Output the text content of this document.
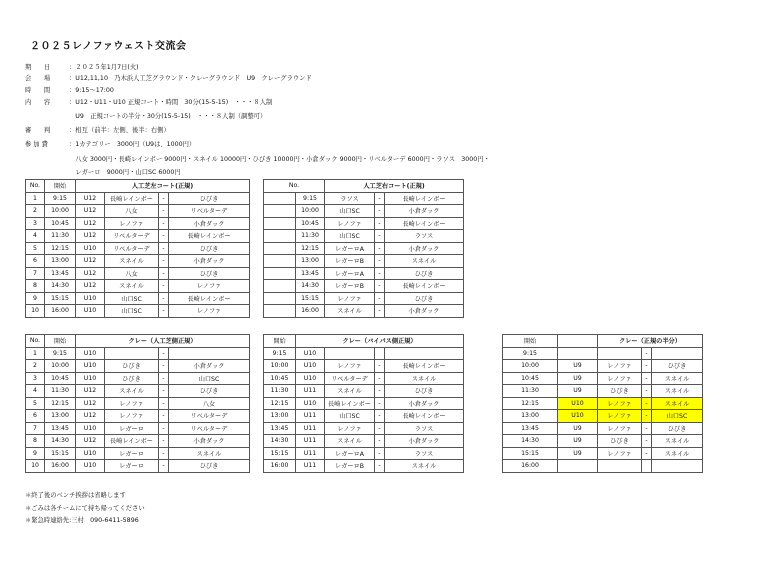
２０２５レノファウェスト交流会
期　　日	：２０２５年1月7日(火)
会　　場	：U12,11,10　乃木浜人工芝グラウンド・クレーグラウンド　U9　クレーグラウンド
時　　間	：9:15～17:00
内　　容	：U12・U11・U10 正規コート・時間　30分(15-5-15)　・・・８人制
　U9　正規コートの半分・30分(15-5-15)　・・・８人制（調整可）
審　　判	：相互（前半：左側、後半：右側）
参 加 費	：1カテゴリー　3000円（U9は、1000円）
　八女 3000円・長崎レインボー 9000円・スネイル 10000円・ひびき 10000円・小倉ダック 9000円・リベルターデ 6000円・ラソス　3000円・
　レガーロ　9000円・山口SC 6000円
No.	開始	人工芝左コート(正規)			
1	9:15	U12	長崎レインボー	-	ひびき
2	10:00	U12	八女	-	リベルターデ
3	10:45	U12	レノファ	-	小倉ダック
4	11:30	U12	リベルターデ	-	長崎レインボー
5	12:15	U10	リベルターデ	-	ひびき
6	13:00	U12	スネイル	-	小倉ダック
7	13:45	U12	八女	-	ひびき
8	14:30	U12	スネイル	-	レノファ
9	15:15	U10	山口SC	-	長崎レインボー
10	16:00	U10	山口SC	-	レノファ
No.		人工芝右コート(正規)		
	9:15		ラソス	-	長崎レインボー
	10:00		山口SC	-	小倉ダック
	10:45		レノファ	-	長崎レインボー
	11:30		山口SC	-	ラソス
	12:15		レガーロA	-	小倉ダック
	13:00		レガーロB	-	スネイル
	13:45		レガーロA	-	ひびき
	14:30		レガーロB	-	長崎レインボー
	15:15		レノファ	-	ひびき
	16:00		スネイル	-	小倉ダック
No.	開始	クレー（人工芝側正規）			
1	9:15	U10		-	
2	10:00	U10	ひびき	-	小倉ダック
3	10:45	U10	ひびき	-	山口SC
4	11:30	U12	スネイル	-	ひびき
5	12:15	U12	レノファ	-	八女
6	13:00	U12	レノファ	-	リベルターデ
7	13:45	U10	レガーロ	-	リベルターデ
8	14:30	U12	長崎レインボー	-	小倉ダック
9	15:15	U10	レガーロ	-	スネイル
10	16:00	U10	レガーロ	-	ひびき
開始	クレー（バイパス側正規）			
9:15	U10			
10:00	U10	レノファ	-	長崎レインボー
10:45	U10	リベルターデ	-	スネイル
11:30	U11	スネイル	-	ひびき
12:15	U10	長崎レインボー	-	小倉ダック
13:00	U11	山口SC	-	長崎レインボー
13:45	U11	レノファ	-	ラソス
14:30	U11	スネイル	-	小倉ダック
15:15	U11	レガーロA	-	ラソス
16:00	U11	レガーロB	-	スネイル
開始		クレー（正規の半分）		
9:15			-	
10:00	U9	レノファ	-	ひびき
10:45	U9	レノファ	-	スネイル
11:30	U9	ひびき	-	スネイル
12:15	U10	レノファ	-	スネイル
13:00	U10	レノファ	-	山口SC
13:45	U9	レノファ	-	ひびき
14:30	U9	ひびき	-	スネイル
15:15	U9	レノファ	-	スネイル
16:00				
＊終了後のベンチ挨拶は省略します
＊ごみは各チームにて持ち帰ってください
＊緊急時連絡先:三村　090-6411-5896
